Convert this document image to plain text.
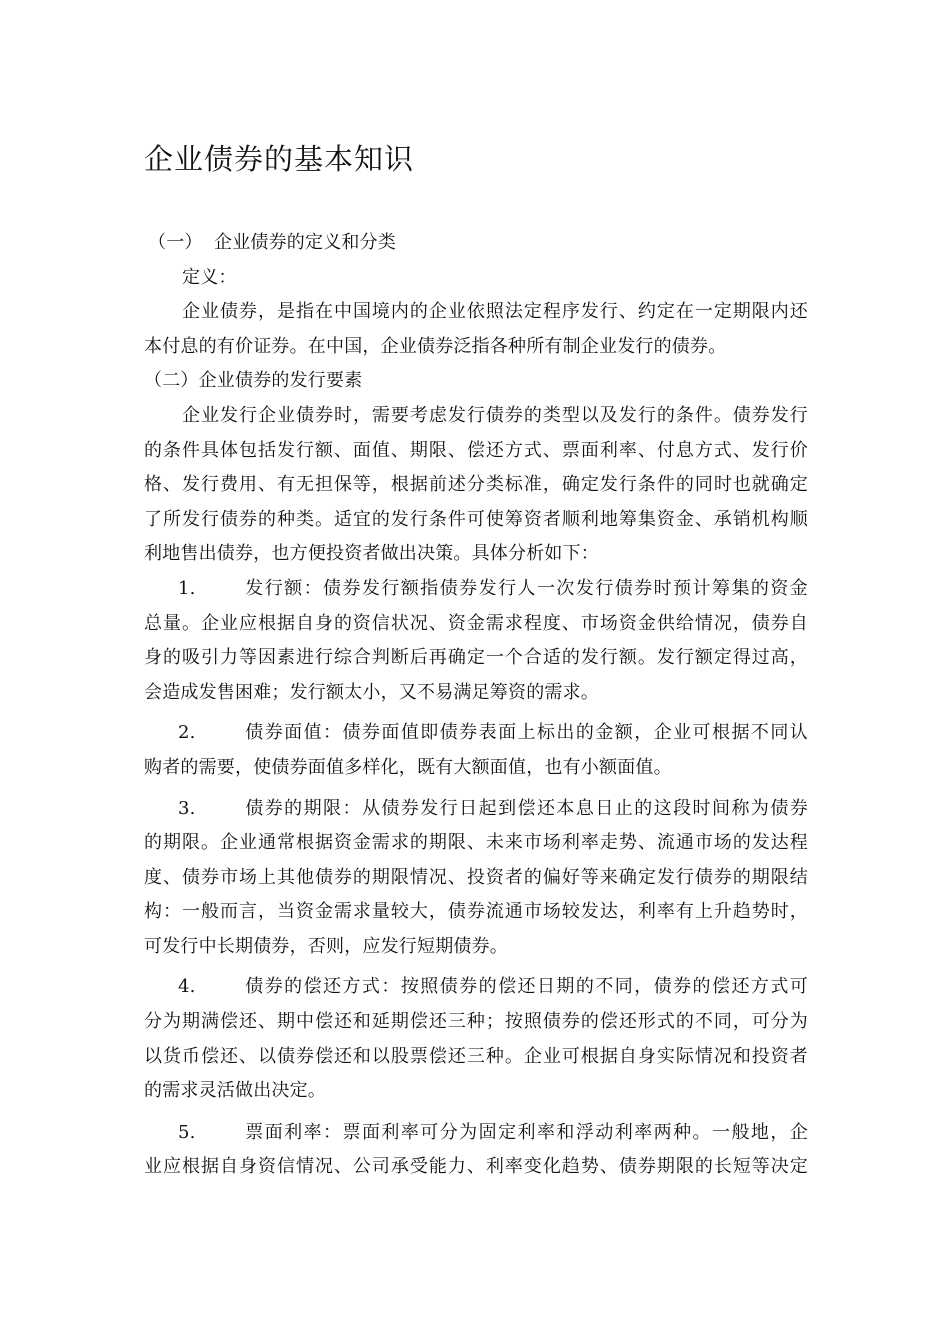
企业债券的基本知识
（一） 企业债券的定义和分类
定义：
企业债券，是指在中国境内的企业依照法定程序发行、约定在一定期限内还
本付息的有价证券。在中国，企业债券泛指各种所有制企业发行的债券。
（二）企业债券的发行要素
企业发行企业债券时，需要考虑发行债券的类型以及发行的条件。债券发行
的条件具体包括发行额、面值、期限、偿还方式、票面利率、付息方式、发行价
格、发行费用、有无担保等，根据前述分类标准，确定发行条件的同时也就确定
了所发行债券的种类。适宜的发行条件可使筹资者顺利地筹集资金、承销机构顺
利地售出债券，也方便投资者做出决策。具体分析如下：
1.	发行额：债券发行额指债券发行人一次发行债券时预计筹集的资金
总量。企业应根据自身的资信状况、资金需求程度、市场资金供给情况，债券自
身的吸引力等因素进行综合判断后再确定一个合适的发行额。发行额定得过高，
会造成发售困难；发行额太小，又不易满足筹资的需求。
2.	债券面值：债券面值即债券表面上标出的金额，企业可根据不同认
购者的需要，使债券面值多样化，既有大额面值，也有小额面值。
3.	债券的期限：从债券发行日起到偿还本息日止的这段时间称为债券
的期限。企业通常根据资金需求的期限、未来市场利率走势、流通市场的发达程
度、债券市场上其他债券的期限情况、投资者的偏好等来确定发行债券的期限结
构：一般而言，当资金需求量较大，债券流通市场较发达，利率有上升趋势时，
可发行中长期债券，否则，应发行短期债券。
4.	债券的偿还方式：按照债券的偿还日期的不同，债券的偿还方式可
分为期满偿还、期中偿还和延期偿还三种；按照债券的偿还形式的不同，可分为
以货币偿还、以债券偿还和以股票偿还三种。企业可根据自身实际情况和投资者
的需求灵活做出决定。
5.	票面利率：票面利率可分为固定利率和浮动利率两种。一般地，企
业应根据自身资信情况、公司承受能力、利率变化趋势、债券期限的长短等决定
